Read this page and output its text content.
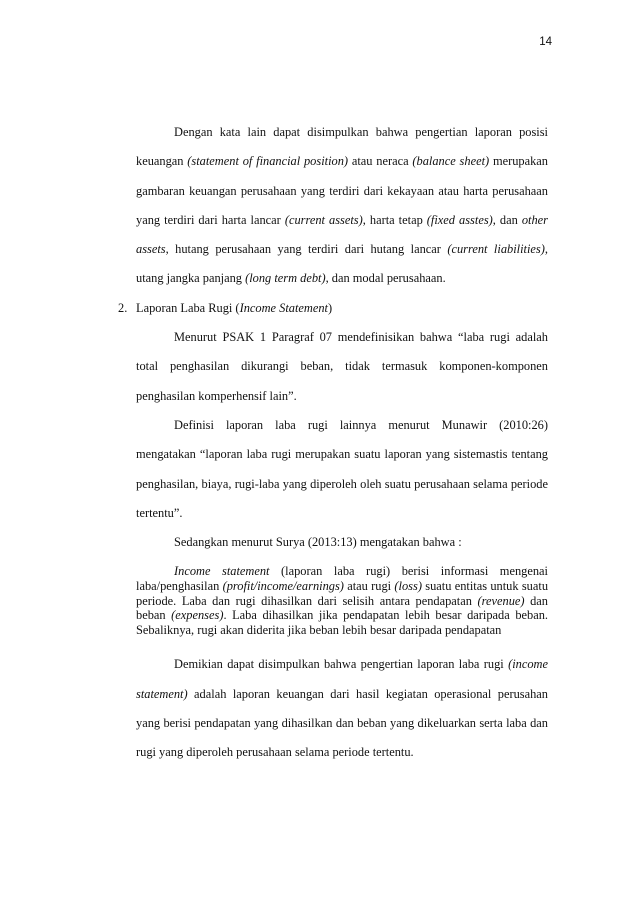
14

Dengan kata lain dapat disimpulkan bahwa pengertian laporan posisi keuangan (statement of financial position) atau neraca (balance sheet) merupakan gambaran keuangan perusahaan yang terdiri dari kekayaan atau harta perusahaan yang terdiri dari harta lancar (current assets), harta tetap (fixed asstes), dan other assets, hutang perusahaan yang terdiri dari hutang lancar (current liabilities), utang jangka panjang (long term debt), dan modal perusahaan.

2. Laporan Laba Rugi (Income Statement)

Menurut PSAK 1 Paragraf 07 mendefinisikan bahwa “laba rugi adalah total penghasilan dikurangi beban, tidak termasuk komponen-komponen penghasilan komperhensif lain”.

Definisi laporan laba rugi lainnya menurut Munawir (2010:26) mengatakan “laporan laba rugi merupakan suatu laporan yang sistemastis tentang penghasilan, biaya, rugi-laba yang diperoleh oleh suatu perusahaan selama periode tertentu”.

Sedangkan menurut Surya (2013:13) mengatakan bahwa :

Income statement (laporan laba rugi) berisi informasi mengenai laba/penghasilan (profit/income/earnings) atau rugi (loss) suatu entitas untuk suatu periode. Laba dan rugi dihasilkan dari selisih antara pendapatan (revenue) dan beban (expenses). Laba dihasilkan jika pendapatan lebih besar daripada beban. Sebaliknya, rugi akan diderita jika beban lebih besar daripada pendapatan

Demikian dapat disimpulkan bahwa pengertian laporan laba rugi (income statement) adalah laporan keuangan dari hasil kegiatan operasional perusahan yang berisi pendapatan yang dihasilkan dan beban yang dikeluarkan serta laba dan rugi yang diperoleh perusahaan selama periode tertentu.
